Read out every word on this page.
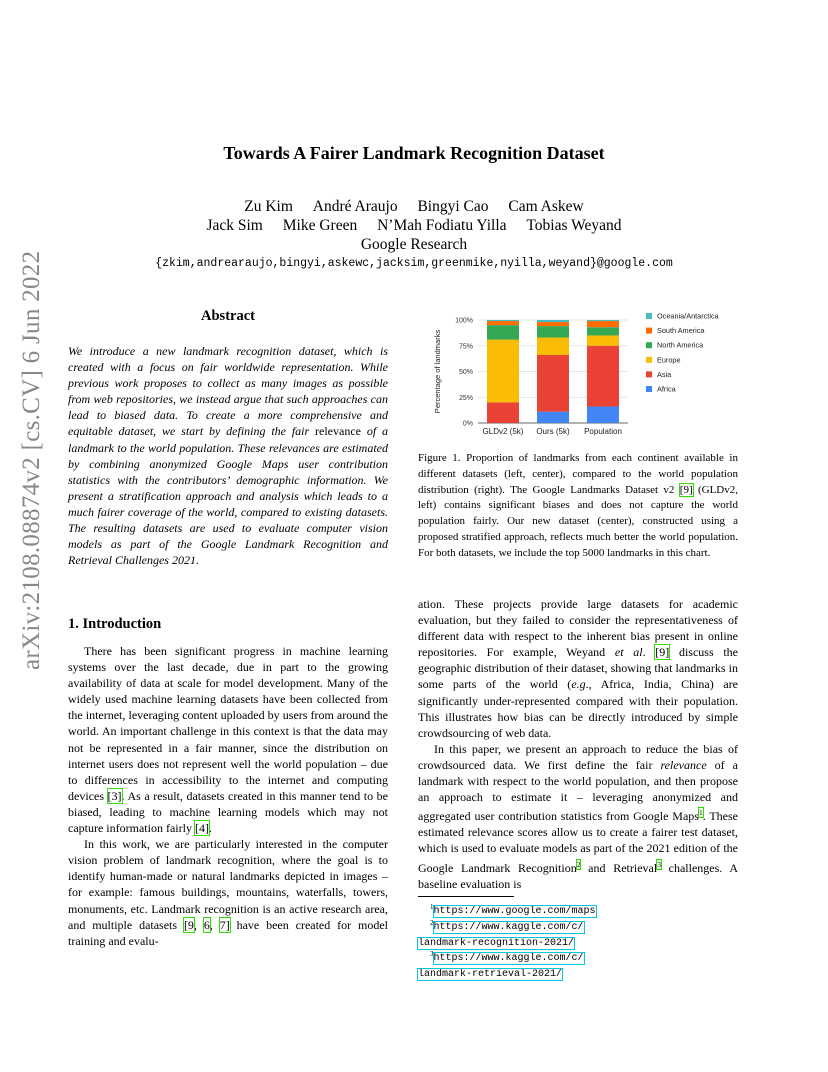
arXiv:2108.08874v2 [cs.CV] 6 Jun 2022
Towards A Fairer Landmark Recognition Dataset
Zu Kim André Araujo Bingyi Cao Cam Askew
Jack Sim Mike Green N’Mah Fodiatu Yilla Tobias Weyand
Google Research
{zkim,andrearaujo,bingyi,askewc,jacksim,greenmike,nyilla,weyand}@google.com
Abstract

We introduce a new landmark recognition dataset, which is created with a focus on fair worldwide representation. While previous work proposes to collect as many images as possible from web repositories, we instead argue that such approaches can lead to biased data. To create a more comprehensive and equitable dataset, we start by defining the fair relevance of a landmark to the world population. These relevances are estimated by combining anonymized Google Maps user contribution statistics with the contributors’ demographic information. We present a stratification approach and analysis which leads to a much fairer coverage of the world, compared to existing datasets. The resulting datasets are used to evaluate computer vision models as part of the Google Landmark Recognition and Retrieval Challenges 2021.

1. Introduction

There has been significant progress in machine learning systems over the last decade, due in part to the growing availability of data at scale for model development. Many of the widely used machine learning datasets have been collected from the internet, leveraging content uploaded by users from around the world. An important challenge in this context is that the data may not be represented in a fair manner, since the distribution on internet users does not represent well the world population – due to differences in accessibility to the internet and computing devices [3]. As a result, datasets created in this manner tend to be biased, leading to machine learning models which may not capture information fairly [4].

In this work, we are particularly interested in the computer vision problem of landmark recognition, where the goal is to identify human-made or natural landmarks depicted in images – for example: famous buildings, mountains, waterfalls, towers, monuments, etc. Landmark recognition is an active research area, and multiple datasets [9, 6, 7] have been created for model training and evalu-

0%
25%
50%
75%
100%
Percentage of landmarks
GLDv2 (5k) Ours (5k) Population
Oceania/Antarctica
South America
North America
Europe
Asia
Africa

Figure 1. Proportion of landmarks from each continent available in different datasets (left, center), compared to the world population distribution (right). The Google Landmarks Dataset v2 [9] (GLDv2, left) contains significant biases and does not capture the world population fairly. Our new dataset (center), constructed using a proposed stratified approach, reflects much better the world population. For both datasets, we include the top 5000 landmarks in this chart.

ation. These projects provide large datasets for academic evaluation, but they failed to consider the representativeness of different data with respect to the inherent bias present in online repositories. For example, Weyand et al. [9] discuss the geographic distribution of their dataset, showing that landmarks in some parts of the world (e.g., Africa, India, China) are significantly under-represented compared with their population. This illustrates how bias can be directly introduced by simple crowdsourcing of web data.

In this paper, we present an approach to reduce the bias of crowdsourced data. We first define the fair relevance of a landmark with respect to the world population, and then propose an approach to estimate it – leveraging anonymized and aggregated user contribution statistics from Google Maps$^1$. These estimated relevance scores allow us to create a fairer test dataset, which is used to evaluate models as part of the 2021 edition of the Google Landmark Recognition$^2$ and Retrieval$^3$ challenges. A baseline evaluation is

$^1$https://www.google.com/maps
$^2$https://www.kaggle.com/c/
landmark-recognition-2021/
$^3$https://www.kaggle.com/c/
landmark-retrieval-2021/
